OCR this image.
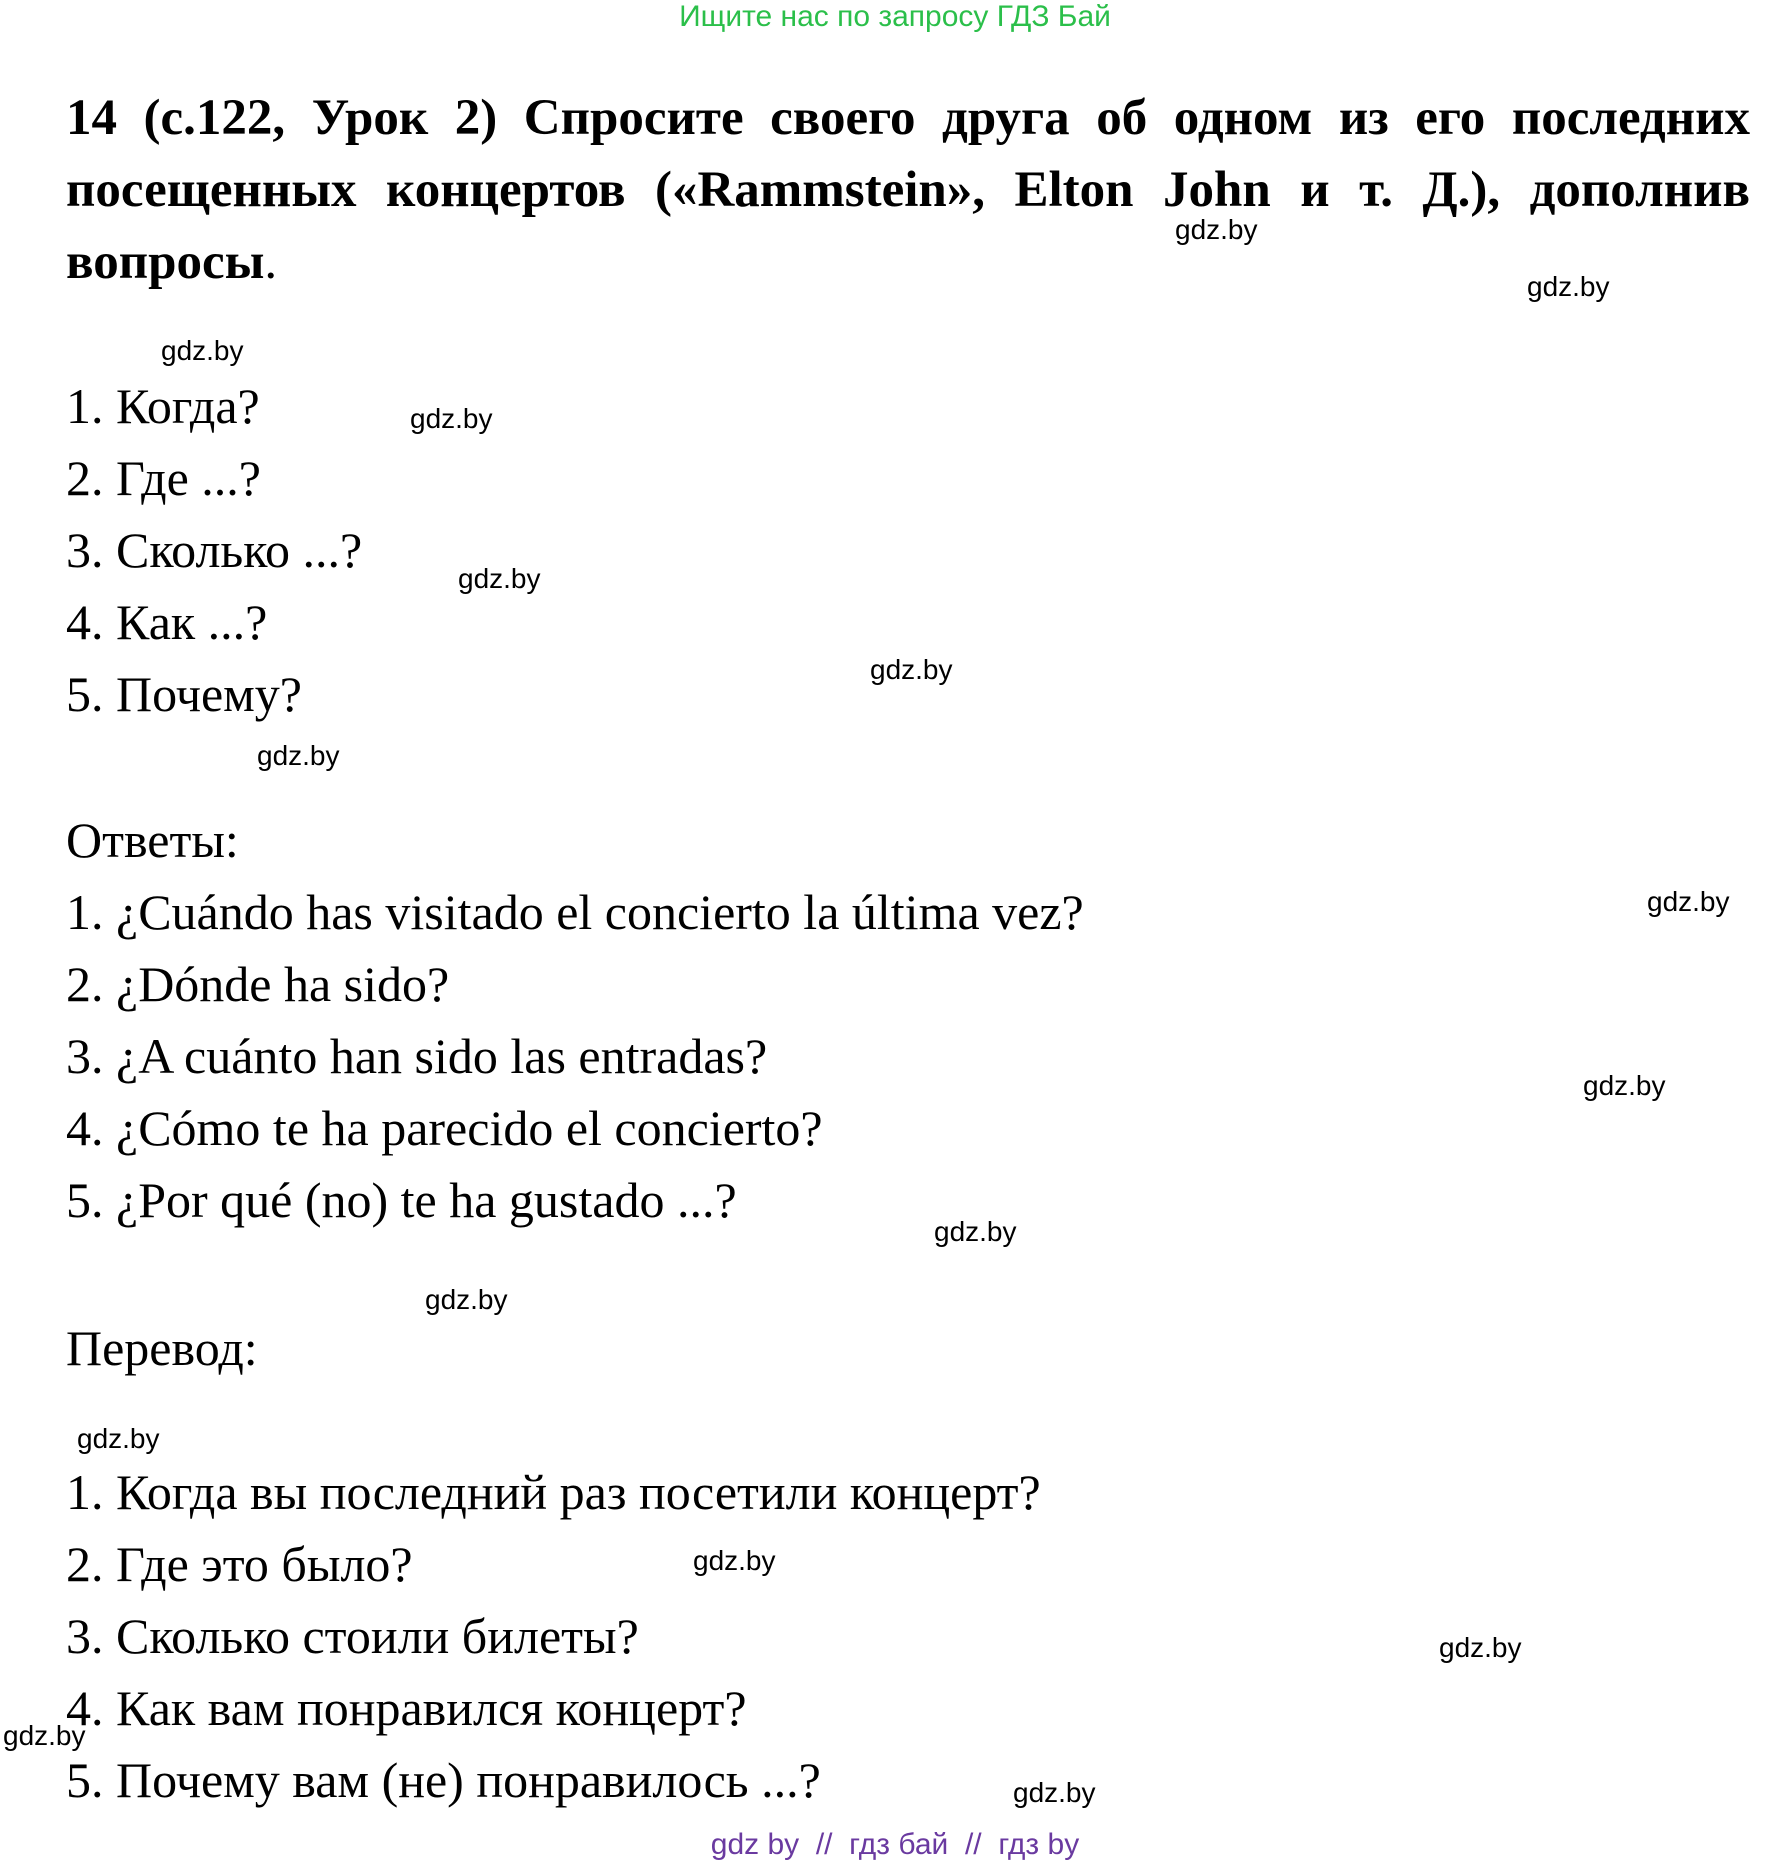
Ищите нас по запросу ГДЗ Бай

14 (с.122, Урок 2) Спросите своего друга об одном из его последних посещенных концертов («Rammstein», Elton John и т. Д.), дополнив вопросы.

1. Когда?
2. Где ...?
3. Сколько ...?
4. Как ...?
5. Почему?
Ответы:
1. ¿Cuándo has visitado el concierto la última vez?
2. ¿Dónde ha sido?
3. ¿A cuánto han sido las entradas?
4. ¿Cómo te ha parecido el concierto?
5. ¿Por qué (no) te ha gustado ...?
Перевод:
1. Когда вы последний раз посетили концерт?
2. Где это было?
3. Сколько стоили билеты?
4. Как вам понравился концерт?
5. Почему вам (не) понравилось ...?
gdz.by
gdz.by
gdz.by
gdz.by
gdz.by
gdz.by
gdz.by
gdz.by
gdz.by
gdz.by
gdz.by
gdz.by
gdz.by
gdz.by
gdz.by
gdz.by
gdz by  //  гдз бай  //  гдз by
